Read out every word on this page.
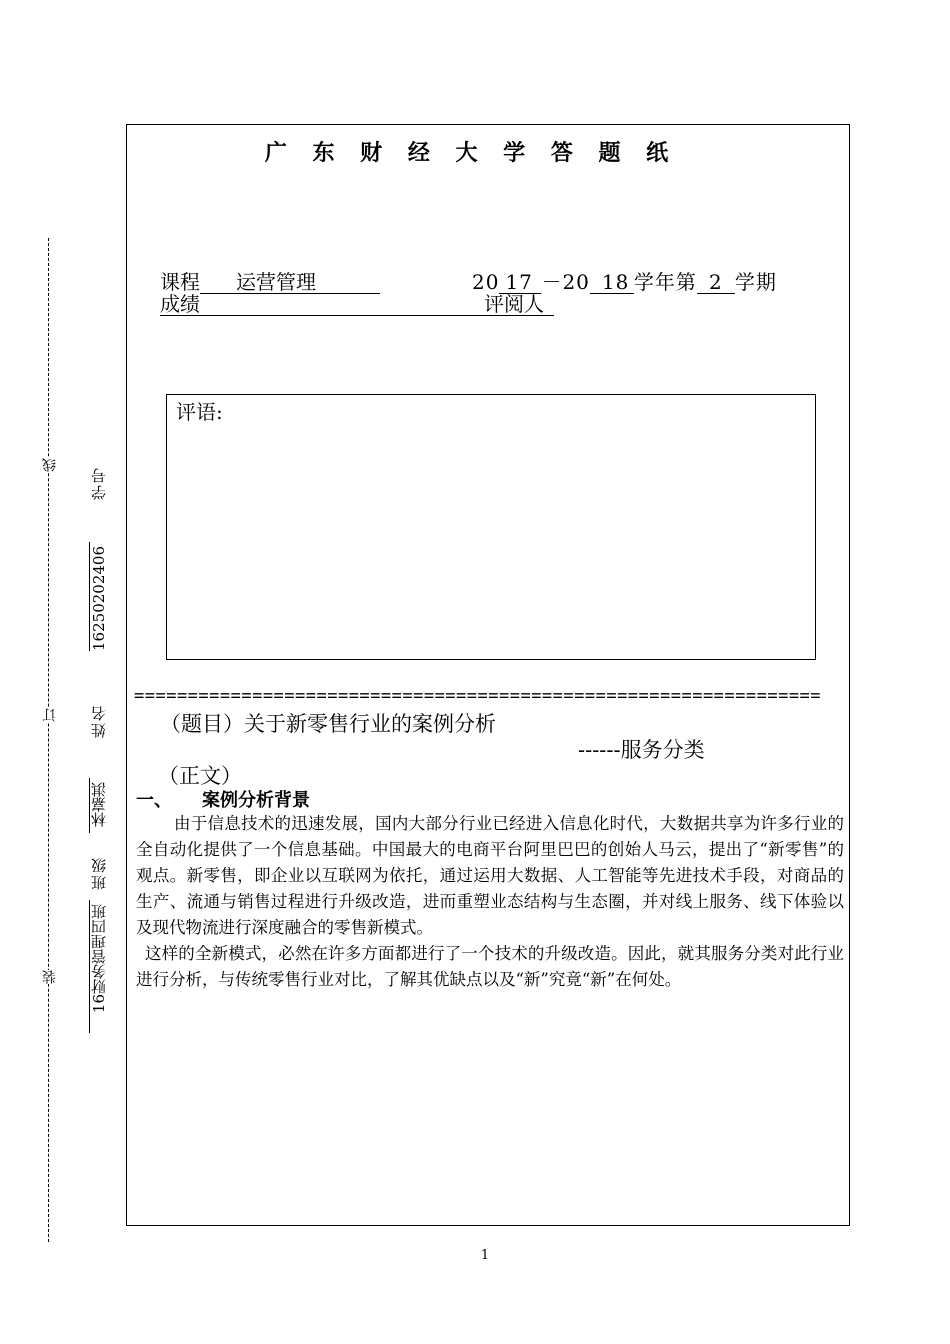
线
订
装
16250202406学号
林嘉淇姓名
16财务管理四班班级
广 东 财 经 大 学 答 题 纸
课程 运营管理	20 17 －20 18 学年第 2 学期
成绩	评阅人
评语:
================================================================
（题目）关于新零售行业的案例分析
------服务分类
（正文）
一、 案例分析背景

由于信息技术的迅速发展，国内大部分行业已经进入信息化时代，大数据共享为许多行业的全自动化提供了一个信息基础。中国最大的电商平台阿里巴巴的创始人马云，提出了“新零售”的观点。新零售，即企业以互联网为依托，通过运用大数据、人工智能等先进技术手段，对商品的生产、流通与销售过程进行升级改造，进而重塑业态结构与生态圈，并对线上服务、线下体验以及现代物流进行深度融合的零售新模式。

这样的全新模式，必然在许多方面都进行了一个技术的升级改造。因此，就其服务分类对此行业进行分析，与传统零售行业对比，了解其优缺点以及“新”究竟“新”在何处。

1
